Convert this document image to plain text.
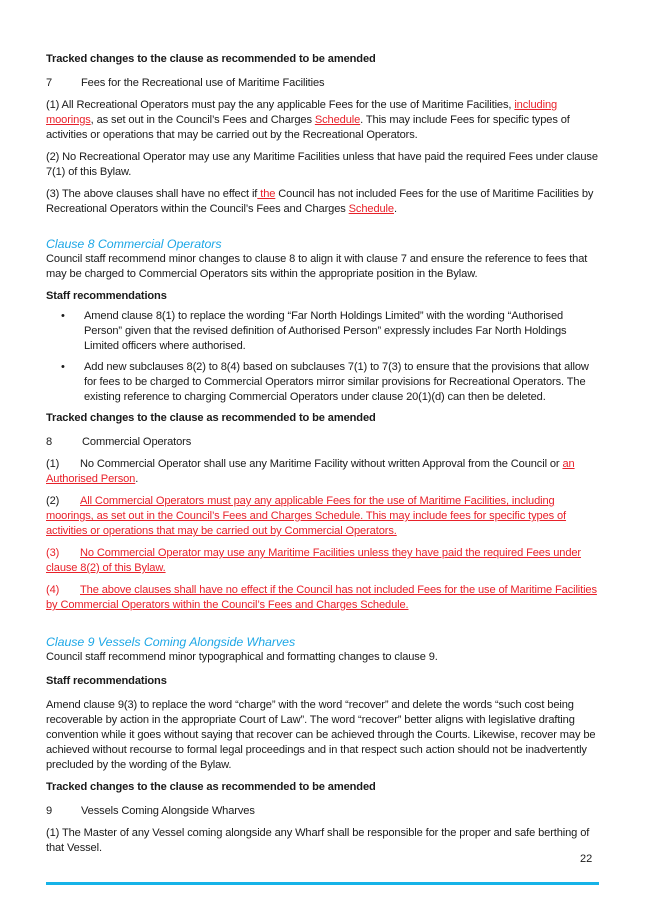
Tracked changes to the clause as recommended to be amended

7	Fees for the Recreational use of Maritime Facilities

(1) All Recreational Operators must pay the any applicable Fees for the use of Maritime Facilities, including moorings, as set out in the Council’s Fees and Charges Schedule. This may include Fees for specific types of activities or operations that may be carried out by the Recreational Operators.

(2) No Recreational Operator may use any Maritime Facilities unless that have paid the required Fees under clause 7(1) of this Bylaw.

(3) The above clauses shall have no effect if the Council has not included Fees for the use of Maritime Facilities by Recreational Operators within the Council’s Fees and Charges Schedule.

Clause 8 Commercial Operators

Council staff recommend minor changes to clause 8 to align it with clause 7 and ensure the reference to fees that may be charged to Commercial Operators sits within the appropriate position in the Bylaw.

Staff recommendations

• Amend clause 8(1) to replace the wording “Far North Holdings Limited” with the wording “Authorised Person” given that the revised definition of Authorised Person” expressly includes Far North Holdings Limited officers where authorised.
• Add new subclauses 8(2) to 8(4) based on subclauses 7(1) to 7(3) to ensure that the provisions that allow for fees to be charged to Commercial Operators mirror similar provisions for Recreational Operators. The existing reference to charging Commercial Operators under clause 20(1)(d) can then be deleted.

Tracked changes to the clause as recommended to be amended

8	Commercial Operators

(1) No Commercial Operator shall use any Maritime Facility without written Approval from the Council or an Authorised Person.

(2) All Commercial Operators must pay any applicable Fees for the use of Maritime Facilities, including moorings, as set out in the Council’s Fees and Charges Schedule. This may include fees for specific types of activities or operations that may be carried out by Commercial Operators.

(3) No Commercial Operator may use any Maritime Facilities unless they have paid the required Fees under clause 8(2) of this Bylaw.

(4) The above clauses shall have no effect if the Council has not included Fees for the use of Maritime Facilities by Commercial Operators within the Council’s Fees and Charges Schedule.

Clause 9 Vessels Coming Alongside Wharves

Council staff recommend minor typographical and formatting changes to clause 9.

Staff recommendations

Amend clause 9(3) to replace the word “charge” with the word “recover” and delete the words “such cost being recoverable by action in the appropriate Court of Law”. The word “recover” better aligns with legislative drafting convention while it goes without saying that recover can be achieved through the Courts. Likewise, recover may be achieved without recourse to formal legal proceedings and in that respect such action should not be inadvertently precluded by the wording of the Bylaw.

Tracked changes to the clause as recommended to be amended

9	Vessels Coming Alongside Wharves

(1) The Master of any Vessel coming alongside any Wharf shall be responsible for the proper and safe berthing of that Vessel.

22
